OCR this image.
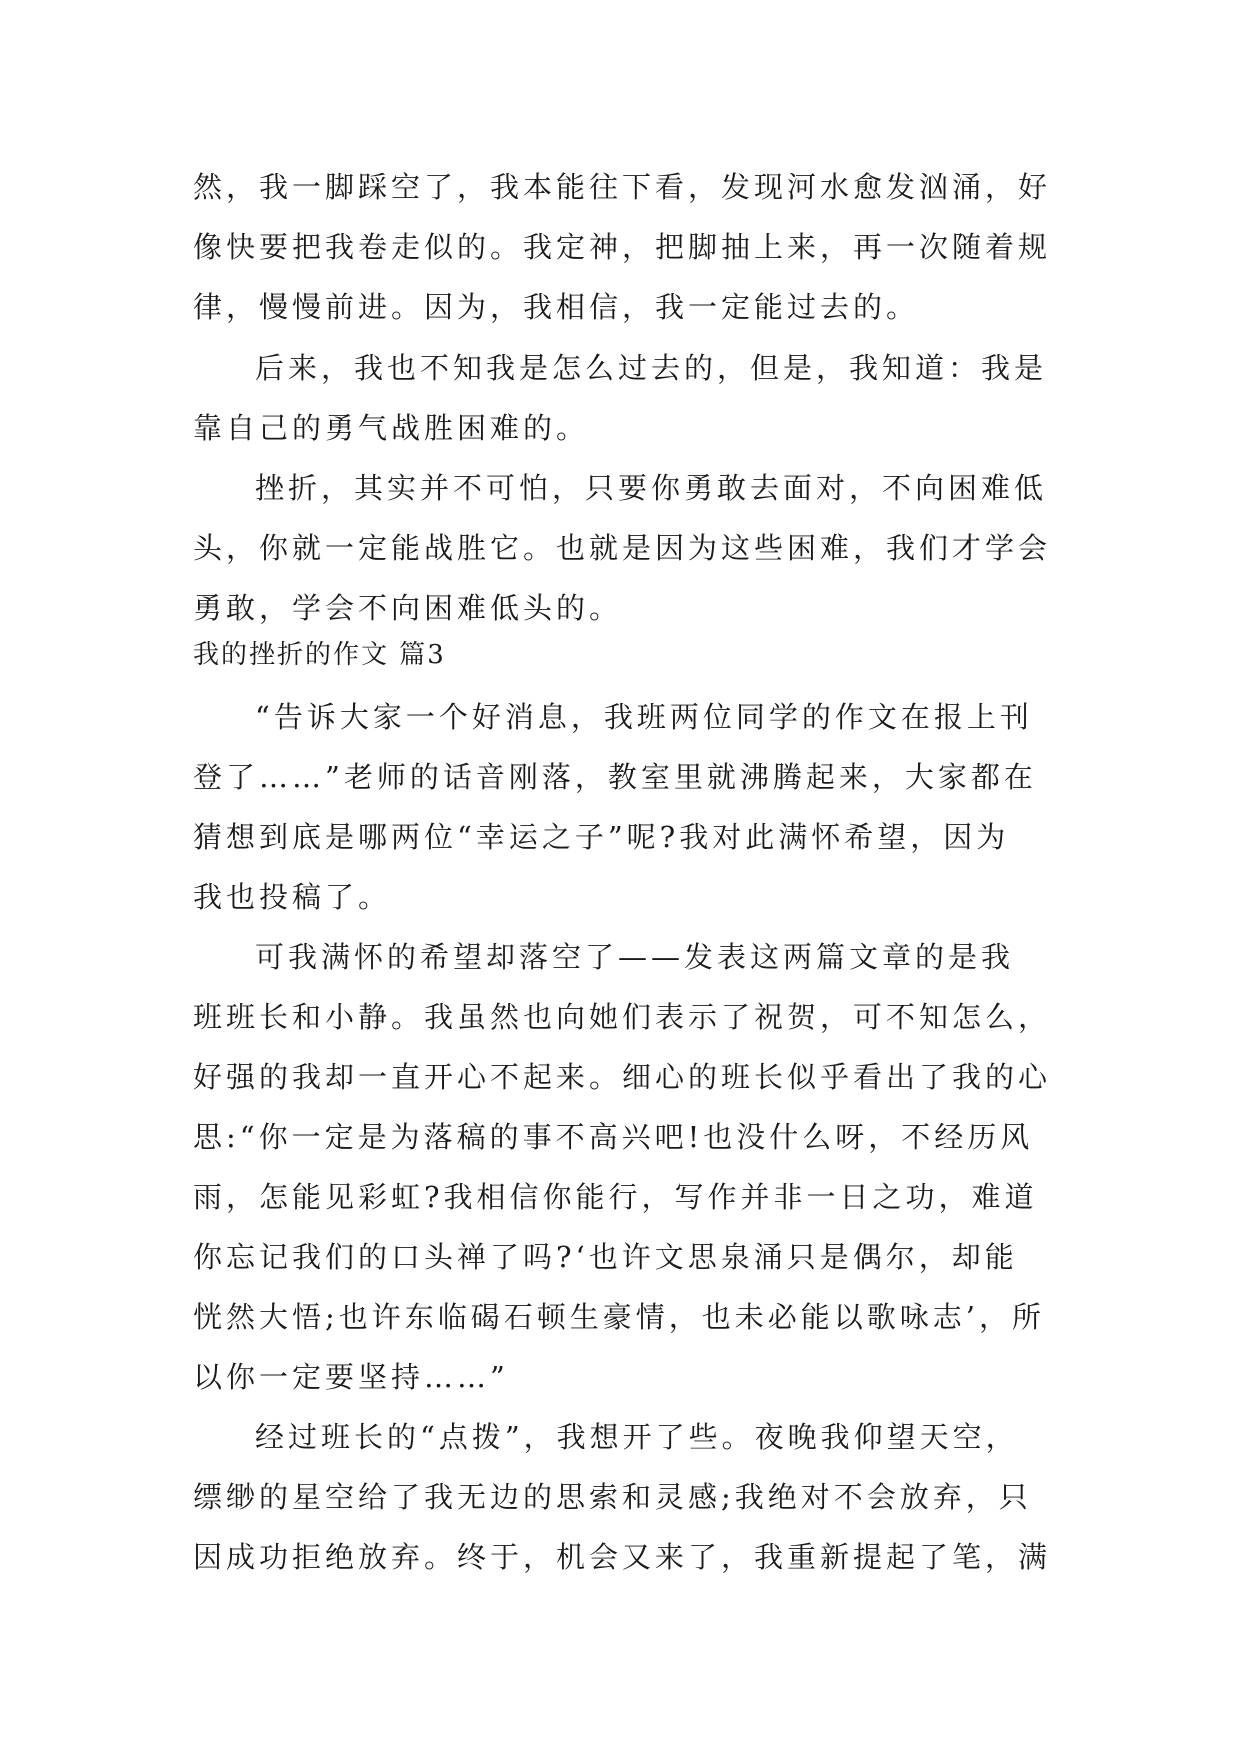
然，我一脚踩空了，我本能往下看，发现河水愈发汹涌，好
像快要把我卷走似的。我定神，把脚抽上来，再一次随着规
律，慢慢前进。因为，我相信，我一定能过去的。
后来，我也不知我是怎么过去的，但是，我知道：我是
靠自己的勇气战胜困难的。
挫折，其实并不可怕，只要你勇敢去面对，不向困难低
头，你就一定能战胜它。也就是因为这些困难，我们才学会
勇敢，学会不向困难低头的。
我的挫折的作文 篇3
“告诉大家一个好消息，我班两位同学的作文在报上刊
登了……”老师的话音刚落，教室里就沸腾起来，大家都在
猜想到底是哪两位“幸运之子”呢?我对此满怀希望，因为
我也投稿了。
可我满怀的希望却落空了——发表这两篇文章的是我
班班长和小静。我虽然也向她们表示了祝贺，可不知怎么，
好强的我却一直开心不起来。细心的班长似乎看出了我的心
思:“你一定是为落稿的事不高兴吧!也没什么呀，不经历风
雨，怎能见彩虹?我相信你能行，写作并非一日之功，难道
你忘记我们的口头禅了吗?‘也许文思泉涌只是偶尔，却能
恍然大悟;也许东临碣石顿生豪情，也未必能以歌咏志’，所
以你一定要坚持……”
经过班长的“点拨”，我想开了些。夜晚我仰望天空，
缥缈的星空给了我无边的思索和灵感;我绝对不会放弃，只
因成功拒绝放弃。终于，机会又来了，我重新提起了笔，满
